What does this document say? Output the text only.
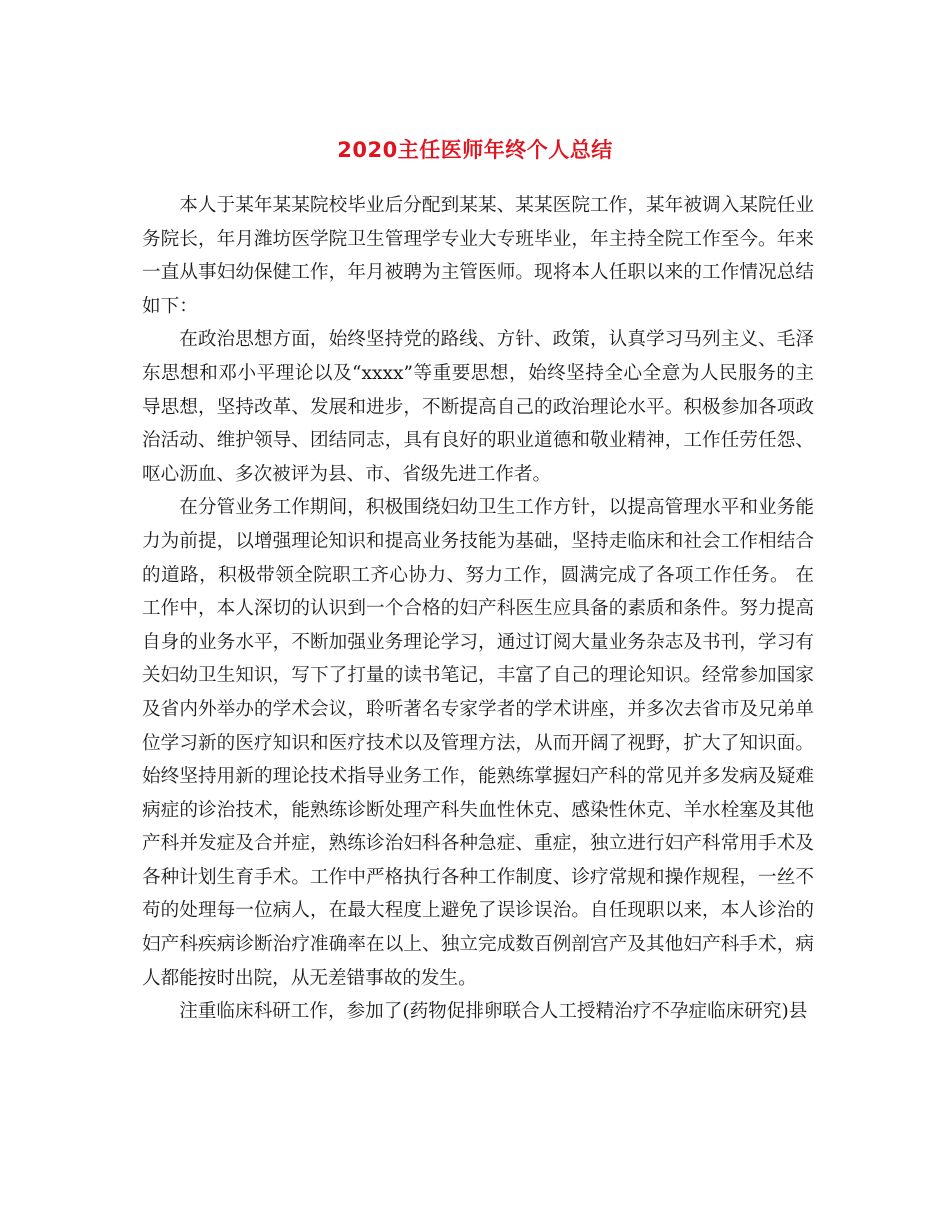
2020主任医师年终个人总结

本人于某年某某院校毕业后分配到某某、某某医院工作，某年被调入某院任业务院长，年月潍坊医学院卫生管理学专业大专班毕业，年主持全院工作至今。年来一直从事妇幼保健工作，年月被聘为主管医师。现将本人任职以来的工作情况总结如下：

在政治思想方面，始终坚持党的路线、方针、政策，认真学习马列主义、毛泽东思想和邓小平理论以及“xxxx”等重要思想，始终坚持全心全意为人民服务的主导思想，坚持改革、发展和进步，不断提高自己的政治理论水平。积极参加各项政治活动、维护领导、团结同志，具有良好的职业道德和敬业精神，工作任劳任怨、呕心沥血、多次被评为县、市、省级先进工作者。

在分管业务工作期间，积极围绕妇幼卫生工作方针，以提高管理水平和业务能力为前提，以增强理论知识和提高业务技能为基础，坚持走临床和社会工作相结合的道路，积极带领全院职工齐心协力、努力工作，圆满完成了各项工作任务。 在工作中，本人深切的认识到一个合格的妇产科医生应具备的素质和条件。努力提高自身的业务水平，不断加强业务理论学习，通过订阅大量业务杂志及书刊，学习有关妇幼卫生知识，写下了打量的读书笔记，丰富了自己的理论知识。经常参加国家及省内外举办的学术会议，聆听著名专家学者的学术讲座，并多次去省市及兄弟单位学习新的医疗知识和医疗技术以及管理方法，从而开阔了视野，扩大了知识面。始终坚持用新的理论技术指导业务工作，能熟练掌握妇产科的常见并多发病及疑难病症的诊治技术，能熟练诊断处理产科失血性休克、感染性休克、羊水栓塞及其他产科并发症及合并症，熟练诊治妇科各种急症、重症，独立进行妇产科常用手术及各种计划生育手术。工作中严格执行各种工作制度、诊疗常规和操作规程，一丝不苟的处理每一位病人，在最大程度上避免了误诊误治。自任现职以来，本人诊治的妇产科疾病诊断治疗准确率在以上、独立完成数百例剖宫产及其他妇产科手术，病人都能按时出院，从无差错事故的发生。

注重临床科研工作，参加了(药物促排卵联合人工授精治疗不孕症临床研究)县
